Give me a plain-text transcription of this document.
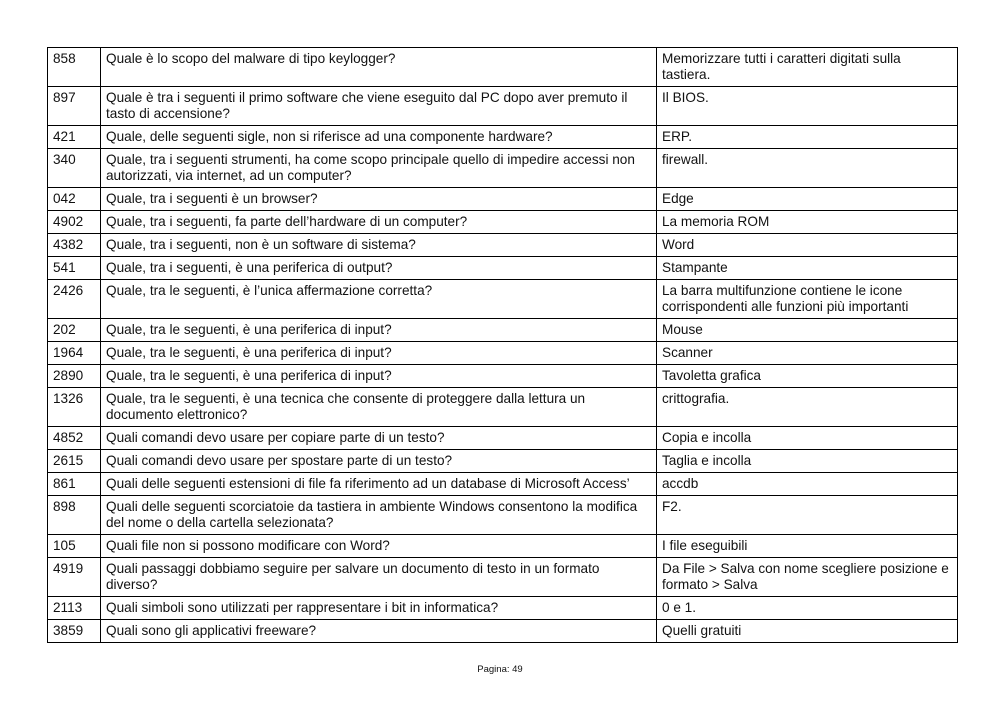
858	Quale è lo scopo del malware di tipo keylogger?	Memorizzare tutti i caratteri digitati sulla tastiera.
897	Quale è tra i seguenti il primo software che viene eseguito dal PC dopo aver premuto il tasto di accensione?	Il BIOS.
421	Quale, delle seguenti sigle, non si riferisce ad una componente hardware?	ERP.
340	Quale, tra i seguenti strumenti, ha come scopo principale quello di impedire accessi non autorizzati, via internet, ad un computer?	firewall.
042	Quale, tra i seguenti è un browser?	Edge
4902	Quale, tra i seguenti, fa parte dell’hardware di un computer?	La memoria ROM
4382	Quale, tra i seguenti, non è un software di sistema?	Word
541	Quale, tra i seguenti, è una periferica di output?	Stampante
2426	Quale, tra le seguenti, è l’unica affermazione corretta?	La barra multifunzione contiene le icone corrispondenti alle funzioni più importanti
202	Quale, tra le seguenti, è una periferica di input?	Mouse
1964	Quale, tra le seguenti, è una periferica di input?	Scanner
2890	Quale, tra le seguenti, è una periferica di input?	Tavoletta grafica
1326	Quale, tra le seguenti, è una tecnica che consente di proteggere dalla lettura un documento elettronico?	crittografia.
4852	Quali comandi devo usare per copiare parte di un testo?	Copia e incolla
2615	Quali comandi devo usare per spostare parte di un testo?	Taglia e incolla
861	Quali delle seguenti estensioni di file fa riferimento ad un database di Microsoft Access’	accdb
898	Quali delle seguenti scorciatoie da tastiera in ambiente Windows consentono la modifica del nome o della cartella selezionata?	F2.
105	Quali file non si possono modificare con Word?	I file eseguibili
4919	Quali passaggi dobbiamo seguire per salvare un documento di testo in un formato diverso?	Da File > Salva con nome scegliere posizione e formato > Salva
2113	Quali simboli sono utilizzati per rappresentare i bit in informatica?	0 e 1.
3859	Quali sono gli applicativi freeware?	Quelli gratuiti
Pagina: 49
